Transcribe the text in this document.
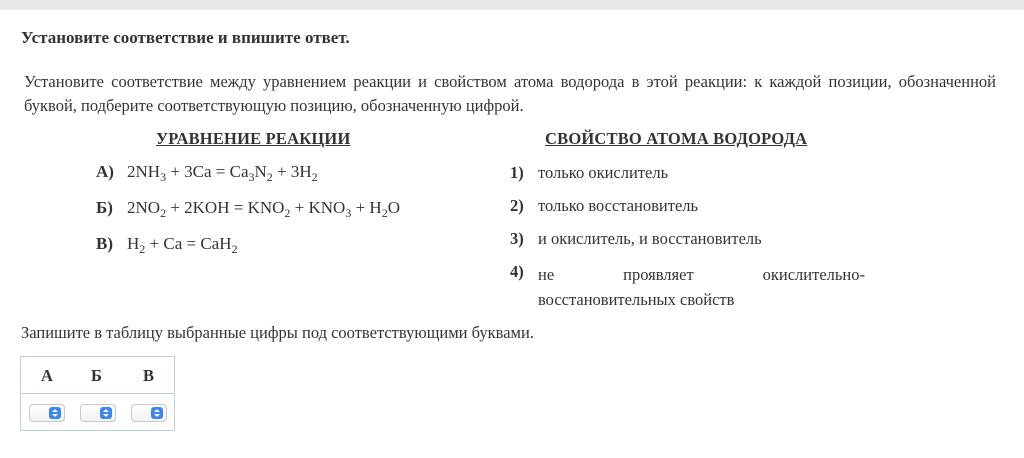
Установите соответствие и впишите ответ.
Установите соответствие между уравнением реакции и свойством атома водорода в этой реакции: к каждой позиции, обозначенной буквой, подберите соответствующую позицию, обозначенную цифрой.
УРАВНЕНИЕ РЕАКЦИИ	СВОЙСТВО АТОМА ВОДОРОДА
А) $2NH_3 + 3Ca = Ca_3N_2 + 3H_2$
Б) $2NO_2 + 2KOH = KNO_2 + KNO_3 + H_2O$
В) $H_2 + Ca = CaH_2$
1) только окислитель
2) только восстановитель
3) и окислитель, и восстановитель
4) не	проявляет	окислительно-
восстановительных свойств
Запишите в таблицу выбранные цифры под соответствующими буквами.
А Б В
